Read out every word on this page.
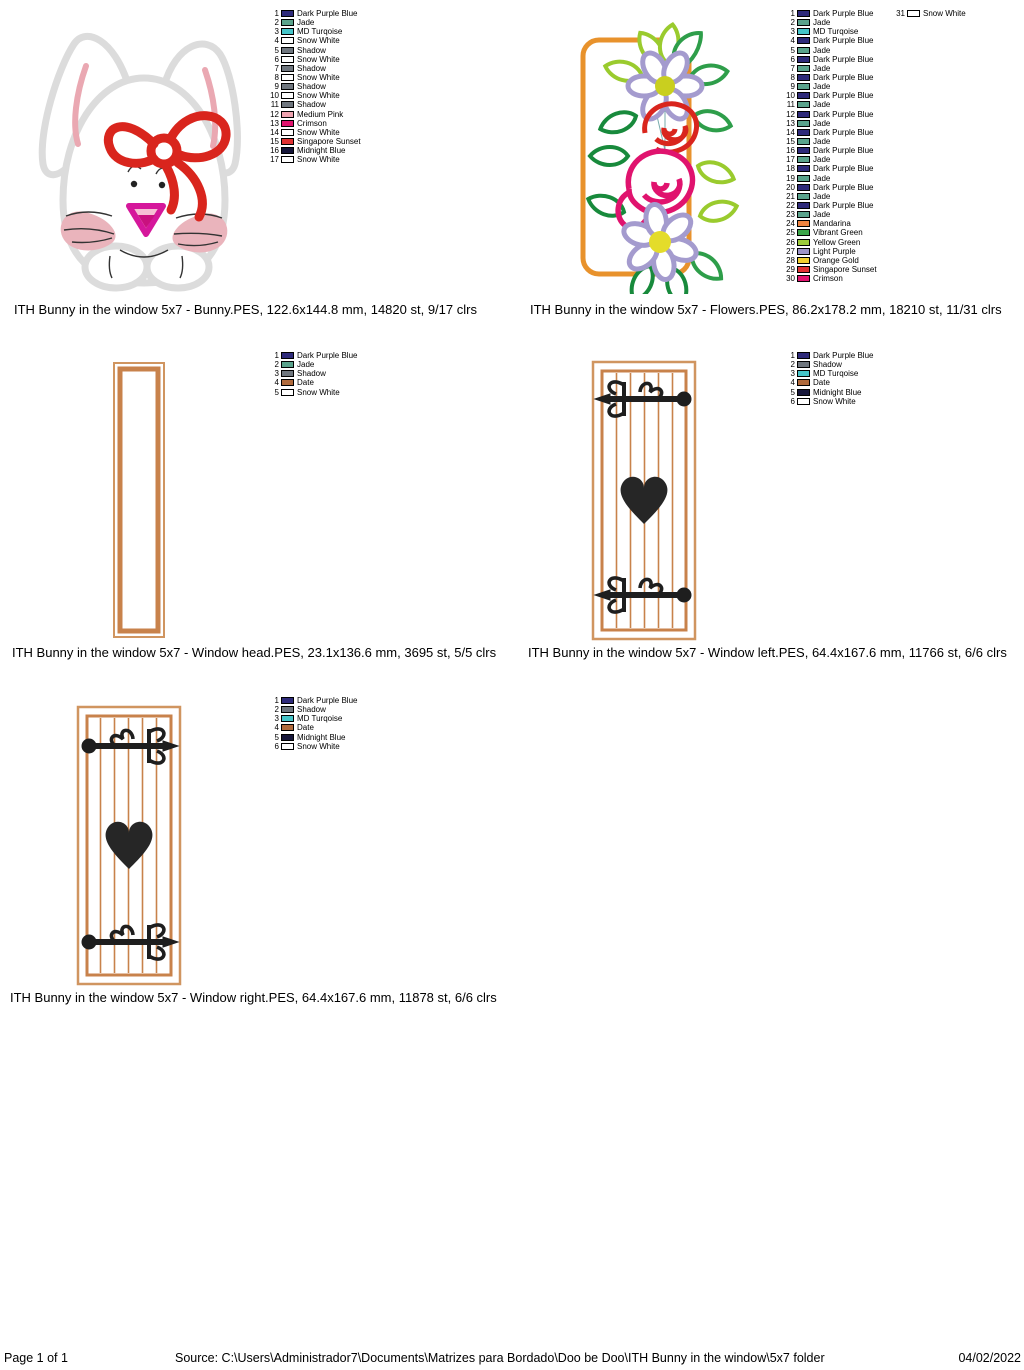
1 Dark Purple Blue
2 Jade
3 MD Turqoise
4 Snow White
5 Shadow
6 Snow White
7 Shadow
8 Snow White
9 Shadow
10 Snow White
11 Shadow
12 Medium Pink
13 Crimson
14 Snow White
15 Singapore Sunset
16 Midnight Blue
17 Snow White
ITH Bunny in the window 5x7 - Bunny.PES, 122.6x144.8 mm, 14820 st, 9/17 clrs
1 Dark Purple Blue
2 Jade
3 MD Turqoise
4 Dark Purple Blue
5 Jade
6 Dark Purple Blue
7 Jade
8 Dark Purple Blue
9 Jade
10 Dark Purple Blue
11 Jade
12 Dark Purple Blue
13 Jade
14 Dark Purple Blue
15 Jade
16 Dark Purple Blue
17 Jade
18 Dark Purple Blue
19 Jade
20 Dark Purple Blue
21 Jade
22 Dark Purple Blue
23 Jade
24 Mandarina
25 Vibrant Green
26 Yellow Green
27 Light Purple
28 Orange Gold
29 Singapore Sunset
30 Crimson
31 Snow White
ITH Bunny in the window 5x7 - Flowers.PES, 86.2x178.2 mm, 18210 st, 11/31 clrs
1 Dark Purple Blue
2 Jade
3 Shadow
4 Date
5 Snow White
ITH Bunny in the window 5x7 - Window head.PES, 23.1x136.6 mm, 3695 st, 5/5 clrs
1 Dark Purple Blue
2 Shadow
3 MD Turqoise
4 Date
5 Midnight Blue
6 Snow White
ITH Bunny in the window 5x7 - Window left.PES, 64.4x167.6 mm, 11766 st, 6/6 clrs
1 Dark Purple Blue
2 Shadow
3 MD Turqoise
4 Date
5 Midnight Blue
6 Snow White
ITH Bunny in the window 5x7 - Window right.PES, 64.4x167.6 mm, 11878 st, 6/6 clrs
Page 1 of 1	Source: C:\Users\Administrador7\Documents\Matrizes para Bordado\Doo be Doo\ITH Bunny in the window\5x7 folder	04/02/2022
